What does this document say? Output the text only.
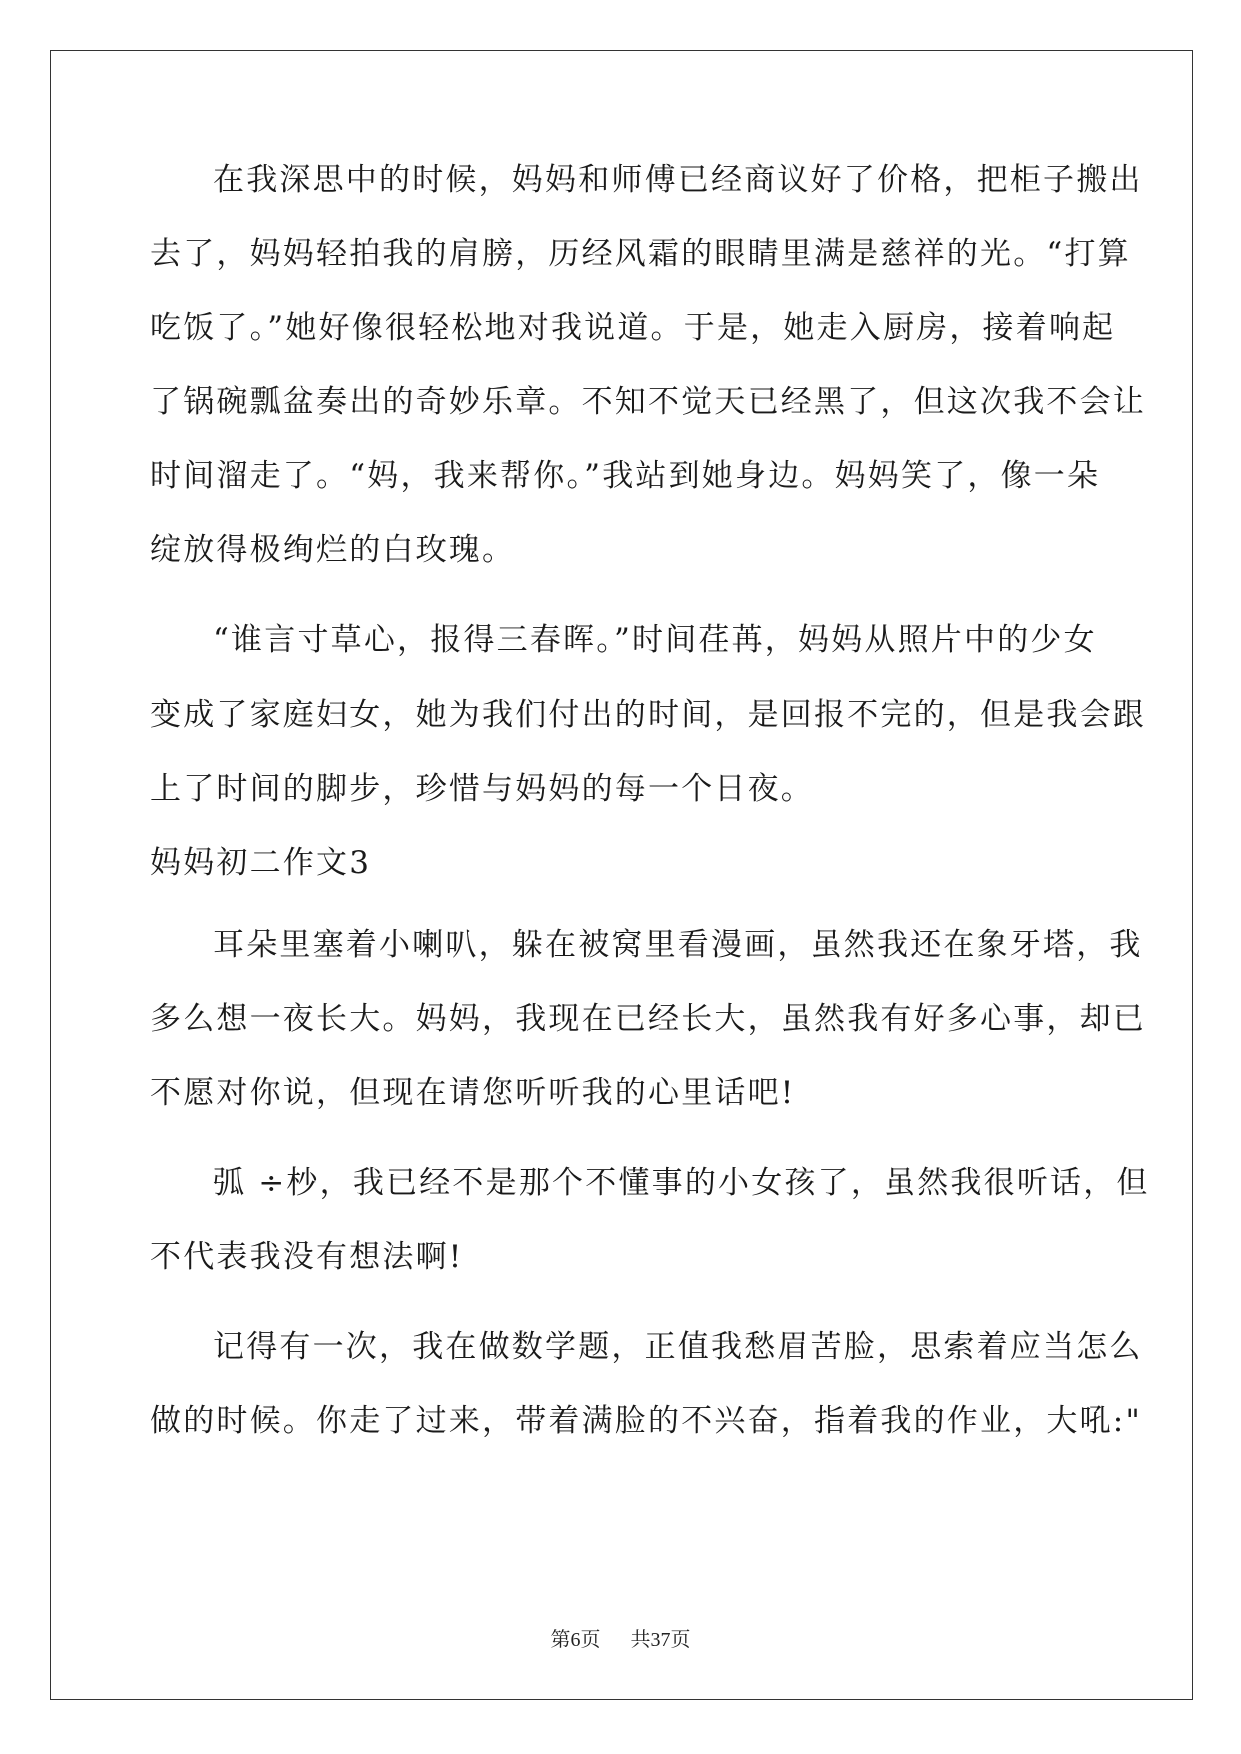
在我深思中的时候，妈妈和师傅已经商议好了价格，把柜子搬出
去了，妈妈轻拍我的肩膀，历经风霜的眼睛里满是慈祥的光。“打算
吃饭了。”她好像很轻松地对我说道。于是，她走入厨房，接着响起
了锅碗瓢盆奏出的奇妙乐章。不知不觉天已经黑了，但这次我不会让
时间溜走了。“妈，我来帮你。”我站到她身边。妈妈笑了，像一朵
绽放得极绚烂的白玫瑰。
“谁言寸草心，报得三春晖。”时间荏苒，妈妈从照片中的少女
变成了家庭妇女，她为我们付出的时间，是回报不完的，但是我会跟
上了时间的脚步，珍惜与妈妈的每一个日夜。
妈妈初二作文3
耳朵里塞着小喇叭，躲在被窝里看漫画，虽然我还在象牙塔，我
多么想一夜长大。妈妈，我现在已经长大，虽然我有好多心事，却已
不愿对你说，但现在请您听听我的心里话吧!
弧 ÷杪，我已经不是那个不懂事的小女孩了，虽然我很听话，但
不代表我没有想法啊!
记得有一次，我在做数学题，正值我愁眉苦脸，思索着应当怎么
做的时候。你走了过来，带着满脸的不兴奋，指着我的作业，大吼:"
第6页 共37页
